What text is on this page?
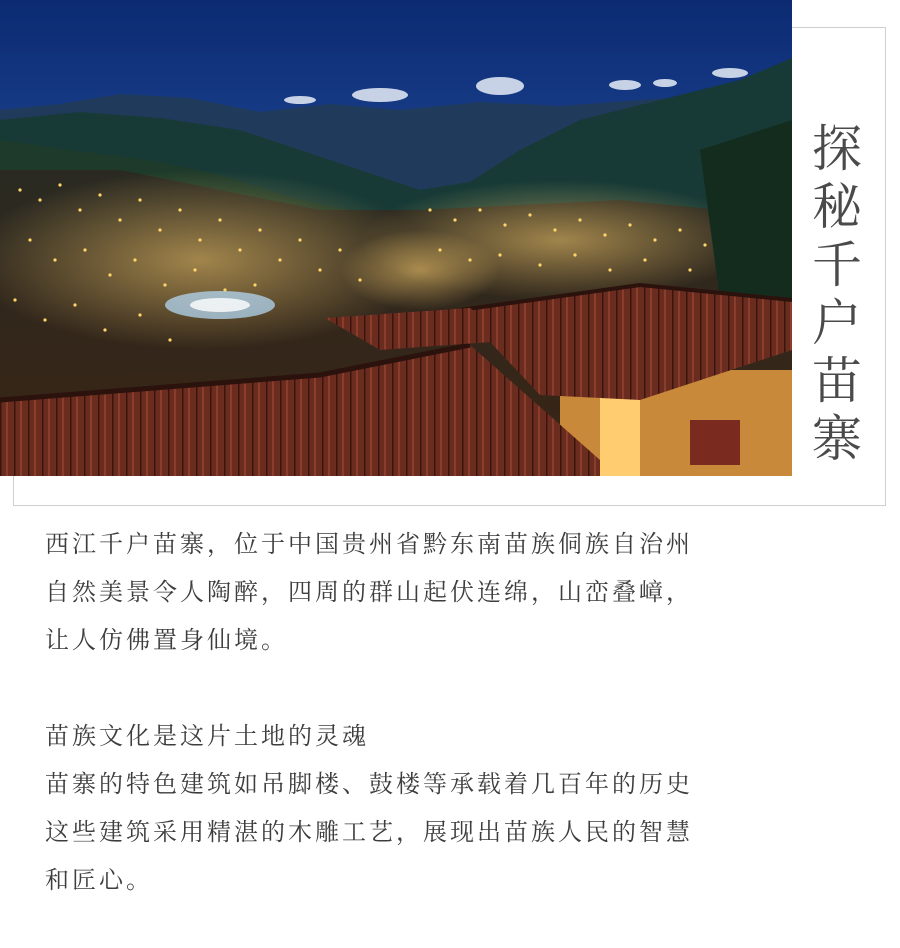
探
秘
千
户
苗
寨

西江千户苗寨，位于中国贵州省黔东南苗族侗族自治州

自然美景令人陶醉，四周的群山起伏连绵，山峦叠嶂，

让人仿佛置身仙境。

苗族文化是这片土地的灵魂

苗寨的特色建筑如吊脚楼、鼓楼等承载着几百年的历史

这些建筑采用精湛的木雕工艺，展现出苗族人民的智慧

和匠心。
